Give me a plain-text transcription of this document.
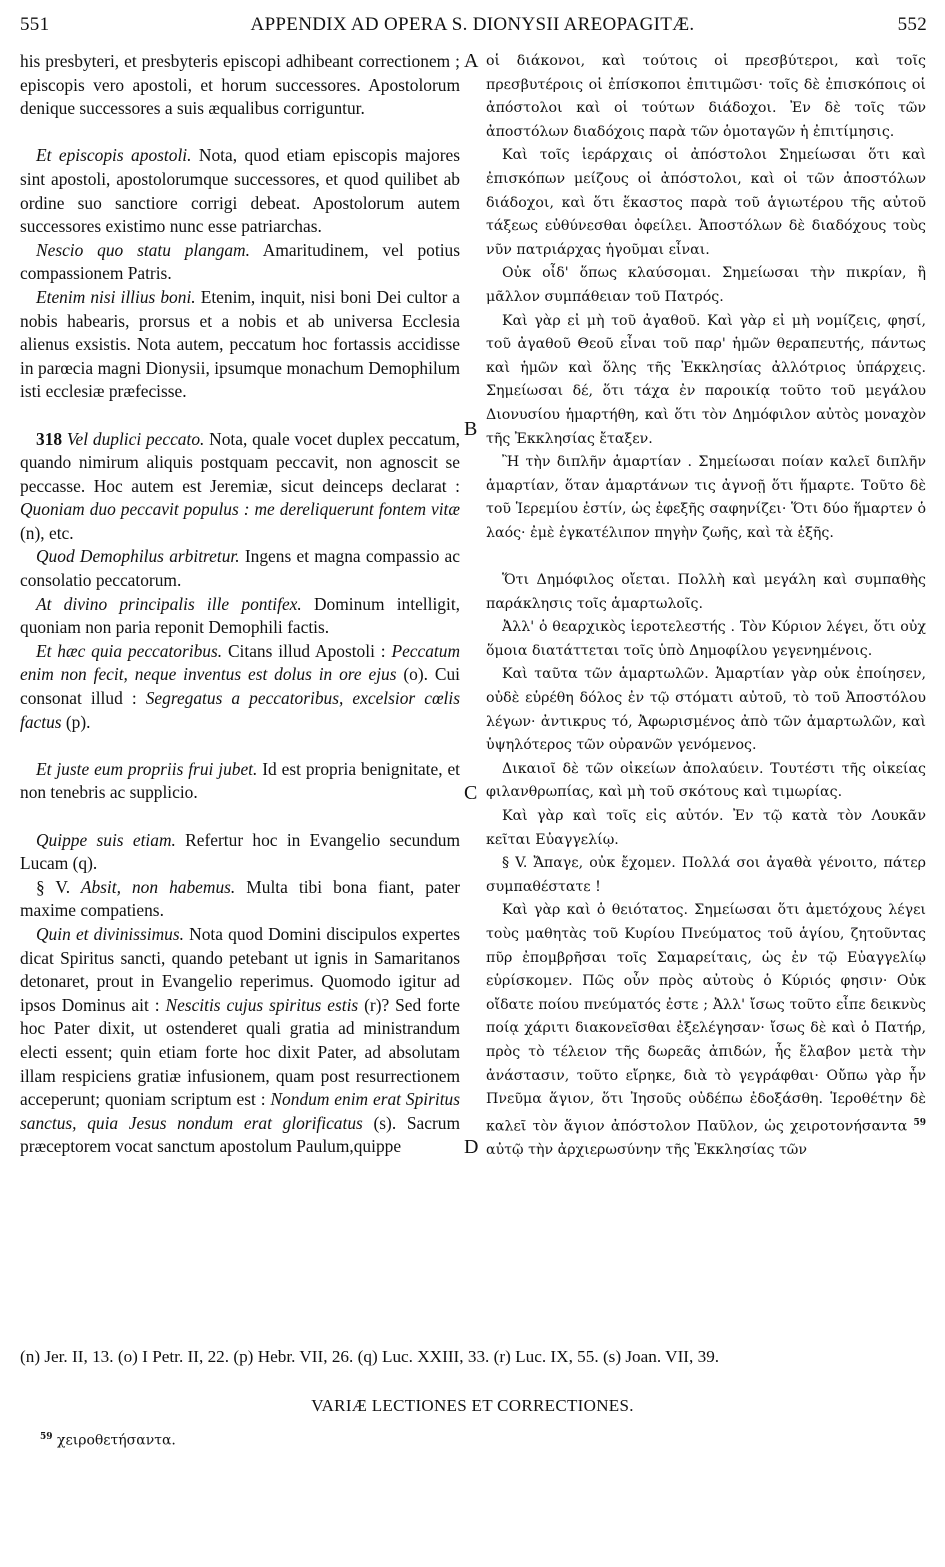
551	APPENDIX AD OPERA S. DIONYSII AREOPAGITÆ.	552

his presbyteri, et presbyteris episcopi adhibeant correctionem ; episcopis vero apostoli, et horum successores. Apostolorum denique successores a suis æqualibus corriguntur.

Et episcopis apostoli. Nota, quod etiam episcopis majores sint apostoli, apostolorumque successores, et quod quilibet ab ordine suo sanctiore corrigi debeat. Apostolorum autem successores existimo nunc esse patriarchas.

Nescio quo statu plangam. Amaritudinem, vel potius compassionem Patris.

Etenim nisi illius boni. Etenim, inquit, nisi boni Dei cultor a nobis habearis, prorsus et a nobis et ab universa Ecclesia alienus exsistis. Nota autem, peccatum hoc fortassis accidisse in parœcia magni Dionysii, ipsumque monachum Demophilum isti ecclesiæ præfecisse.

318 Vel duplici peccato. Nota, quale vocet duplex peccatum, quando nimirum aliquis postquam peccavit, non agnoscit se peccasse. Hoc autem est Jeremiæ, sicut deinceps declarat : Quoniam duo peccavit populus : me dereliquerunt fontem vitæ (n), etc.

Quod Demophilus arbitretur. Ingens et magna compassio ac consolatio peccatorum.

At divino principalis ille pontifex. Dominum intelligit, quoniam non paria reponit Demophili factis.

Et hæc quia peccatoribus. Citans illud Apostoli : Peccatum enim non fecit, neque inventus est dolus in ore ejus (o). Cui consonat illud : Segregatus a peccatoribus, excelsior cœlis factus (p).

Et juste eum propriis frui jubet. Id est propria benignitate, et non tenebris ac supplicio.

Quippe suis etiam. Refertur hoc in Evangelio secundum Lucam (q).

§ V. Absit, non habemus. Multa tibi bona fiant, pater maxime compatiens.

Quin et divinissimus. Nota quod Domini discipulos expertes dicat Spiritus sancti, quando petebant ut ignis in Samaritanos detonaret, prout in Evangelio reperimus. Quomodo igitur ad ipsos Dominus ait : Nescitis cujus spiritus estis (r)? Sed forte hoc Pater dixit, ut ostenderet quali gratia ad ministrandum electi essent; quin etiam forte hoc dixit Pater, ad absolutam illam respiciens gratiæ infusionem, quam post resurrectionem acceperunt; quoniam scriptum est : Nondum enim erat Spiritus sanctus, quia Jesus nondum erat glorificatus (s). Sacrum præceptorem vocat sanctum apostolum Paulum,quippe

A
B
C
D

οἱ διάκονοι, καὶ τούτοις οἱ πρεσβύτεροι, καὶ τοῖς πρεσβυτέροις οἱ ἐπίσκοποι ἐπιτιμῶσι· τοῖς δὲ ἐπισκόποις οἱ ἀπόστολοι καὶ οἱ τούτων διάδοχοι. Ἐν δὲ τοῖς τῶν ἀποστόλων διαδόχοις παρὰ τῶν ὁμοταγῶν ἡ ἐπιτίμησις.

Καὶ τοῖς ἱεράρχαις οἱ ἀπόστολοι Σημείωσαι ὅτι καὶ ἐπισκόπων μείζους οἱ ἀπόστολοι, καὶ οἱ τῶν ἀποστόλων διάδοχοι, καὶ ὅτι ἕκαστος παρὰ τοῦ ἁγιωτέρου τῆς αὐτοῦ τάξεως εὐθύνεσθαι ὀφείλει. Ἀποστόλων δὲ διαδόχους τοὺς νῦν πατριάρχας ἡγοῦμαι εἶναι.

Οὐκ οἶδ' ὅπως κλαύσομαι. Σημείωσαι τὴν πικρίαν, ἢ μᾶλλον συμπάθειαν τοῦ Πατρός.

Καὶ γὰρ εἰ μὴ τοῦ ἀγαθοῦ. Καὶ γὰρ εἰ μὴ νομίζεις, φησί, τοῦ ἀγαθοῦ Θεοῦ εἶναι τοῦ παρ' ἡμῶν θεραπευτής, πάντως καὶ ἡμῶν καὶ ὅλης τῆς Ἐκκλησίας ἀλλότριος ὑπάρχεις. Σημείωσαι δέ, ὅτι τάχα ἐν παροικίᾳ τοῦτο τοῦ μεγάλου Διονυσίου ἡμαρτήθη, καὶ ὅτι τὸν Δημόφιλον αὐτὸς μοναχὸν τῆς Ἐκκλησίας ἔταξεν.

Ἢ τὴν διπλῆν ἁμαρτίαν . Σημείωσαι ποίαν καλεῖ διπλῆν ἁμαρτίαν, ὅταν ἁμαρτάνων τις ἀγνοῇ ὅτι ἥμαρτε. Τοῦτο δὲ τοῦ Ἱερεμίου ἐστίν, ὡς ἐφεξῆς σαφηνίζει· Ὅτι δύο ἥμαρτεν ὁ λαός· ἐμὲ ἐγκατέλιπον πηγὴν ζωῆς, καὶ τὰ ἑξῆς.

Ὅτι Δημόφιλος οἴεται. Πολλὴ καὶ μεγάλη καὶ συμπαθὴς παράκλησις τοῖς ἁμαρτωλοῖς.

Ἀλλ' ὁ θεαρχικὸς ἱεροτελεστής . Τὸν Κύριον λέγει, ὅτι οὐχ ὅμοια διατάττεται τοῖς ὑπὸ Δημοφίλου γεγενημένοις.

Καὶ ταῦτα τῶν ἁμαρτωλῶν. Ἁμαρτίαν γὰρ οὐκ ἐποίησεν, οὐδὲ εὑρέθη δόλος ἐν τῷ στόματι αὐτοῦ, τὸ τοῦ Ἀποστόλου λέγων· ἀντικρυς τό, Ἀφωρισμένος ἀπὸ τῶν ἁμαρτωλῶν, καὶ ὑψηλότερος τῶν οὐρανῶν γενόμενος.

Δικαιοῖ δὲ τῶν οἰκείων ἀπολαύειν. Τουτέστι τῆς οἰκείας φιλανθρωπίας, καὶ μὴ τοῦ σκότους καὶ τιμωρίας.

Καὶ γὰρ καὶ τοῖς εἰς αὐτόν. Ἐν τῷ κατὰ τὸν Λουκᾶν κεῖται Εὐαγγελίῳ.

§ V. Ἄπαγε, οὐκ ἔχομεν. Πολλά σοι ἀγαθὰ γένοιτο, πάτερ συμπαθέστατε !

Καὶ γὰρ καὶ ὁ θειότατος. Σημείωσαι ὅτι ἀμετόχους λέγει τοὺς μαθητὰς τοῦ Κυρίου Πνεύματος τοῦ ἁγίου, ζητοῦντας πῦρ ἐπομβρῆσαι τοῖς Σαμαρείταις, ὡς ἐν τῷ Εὐαγγελίῳ εὑρίσκομεν. Πῶς οὖν πρὸς αὐτοὺς ὁ Κύριός φησιν· Οὐκ οἴδατε ποίου πνεύματός ἐστε ; Ἀλλ' ἴσως τοῦτο εἶπε δεικνὺς ποίᾳ χάριτι διακονεῖσθαι ἐξελέγησαν· ἴσως δὲ καὶ ὁ Πατήρ, πρὸς τὸ τέλειον τῆς δωρεᾶς ἀπιδών, ἧς ἔλαβον μετὰ τὴν ἀνάστασιν, τοῦτο εἴρηκε, διὰ τὸ γεγράφθαι· Οὔπω γὰρ ἦν Πνεῦμα ἅγιον, ὅτι Ἰησοῦς οὐδέπω ἐδοξάσθη. Ἱεροθέτην δὲ καλεῖ τὸν ἅγιον ἀπόστολον Παῦλον, ὡς χειροτονήσαντα $^{59}$ αὐτῷ τὴν ἀρχιερωσύνην τῆς Ἐκκλησίας τῶν

(n) Jer. II, 13. (o) I Petr. II, 22. (p) Hebr. VII, 26. (q) Luc. XXIII, 33. (r) Luc. IX, 55. (s) Joan. VII, 39.
VARIÆ LECTIONES ET CORRECTIONES.
$^{59}$ χειροθετήσαντα.
